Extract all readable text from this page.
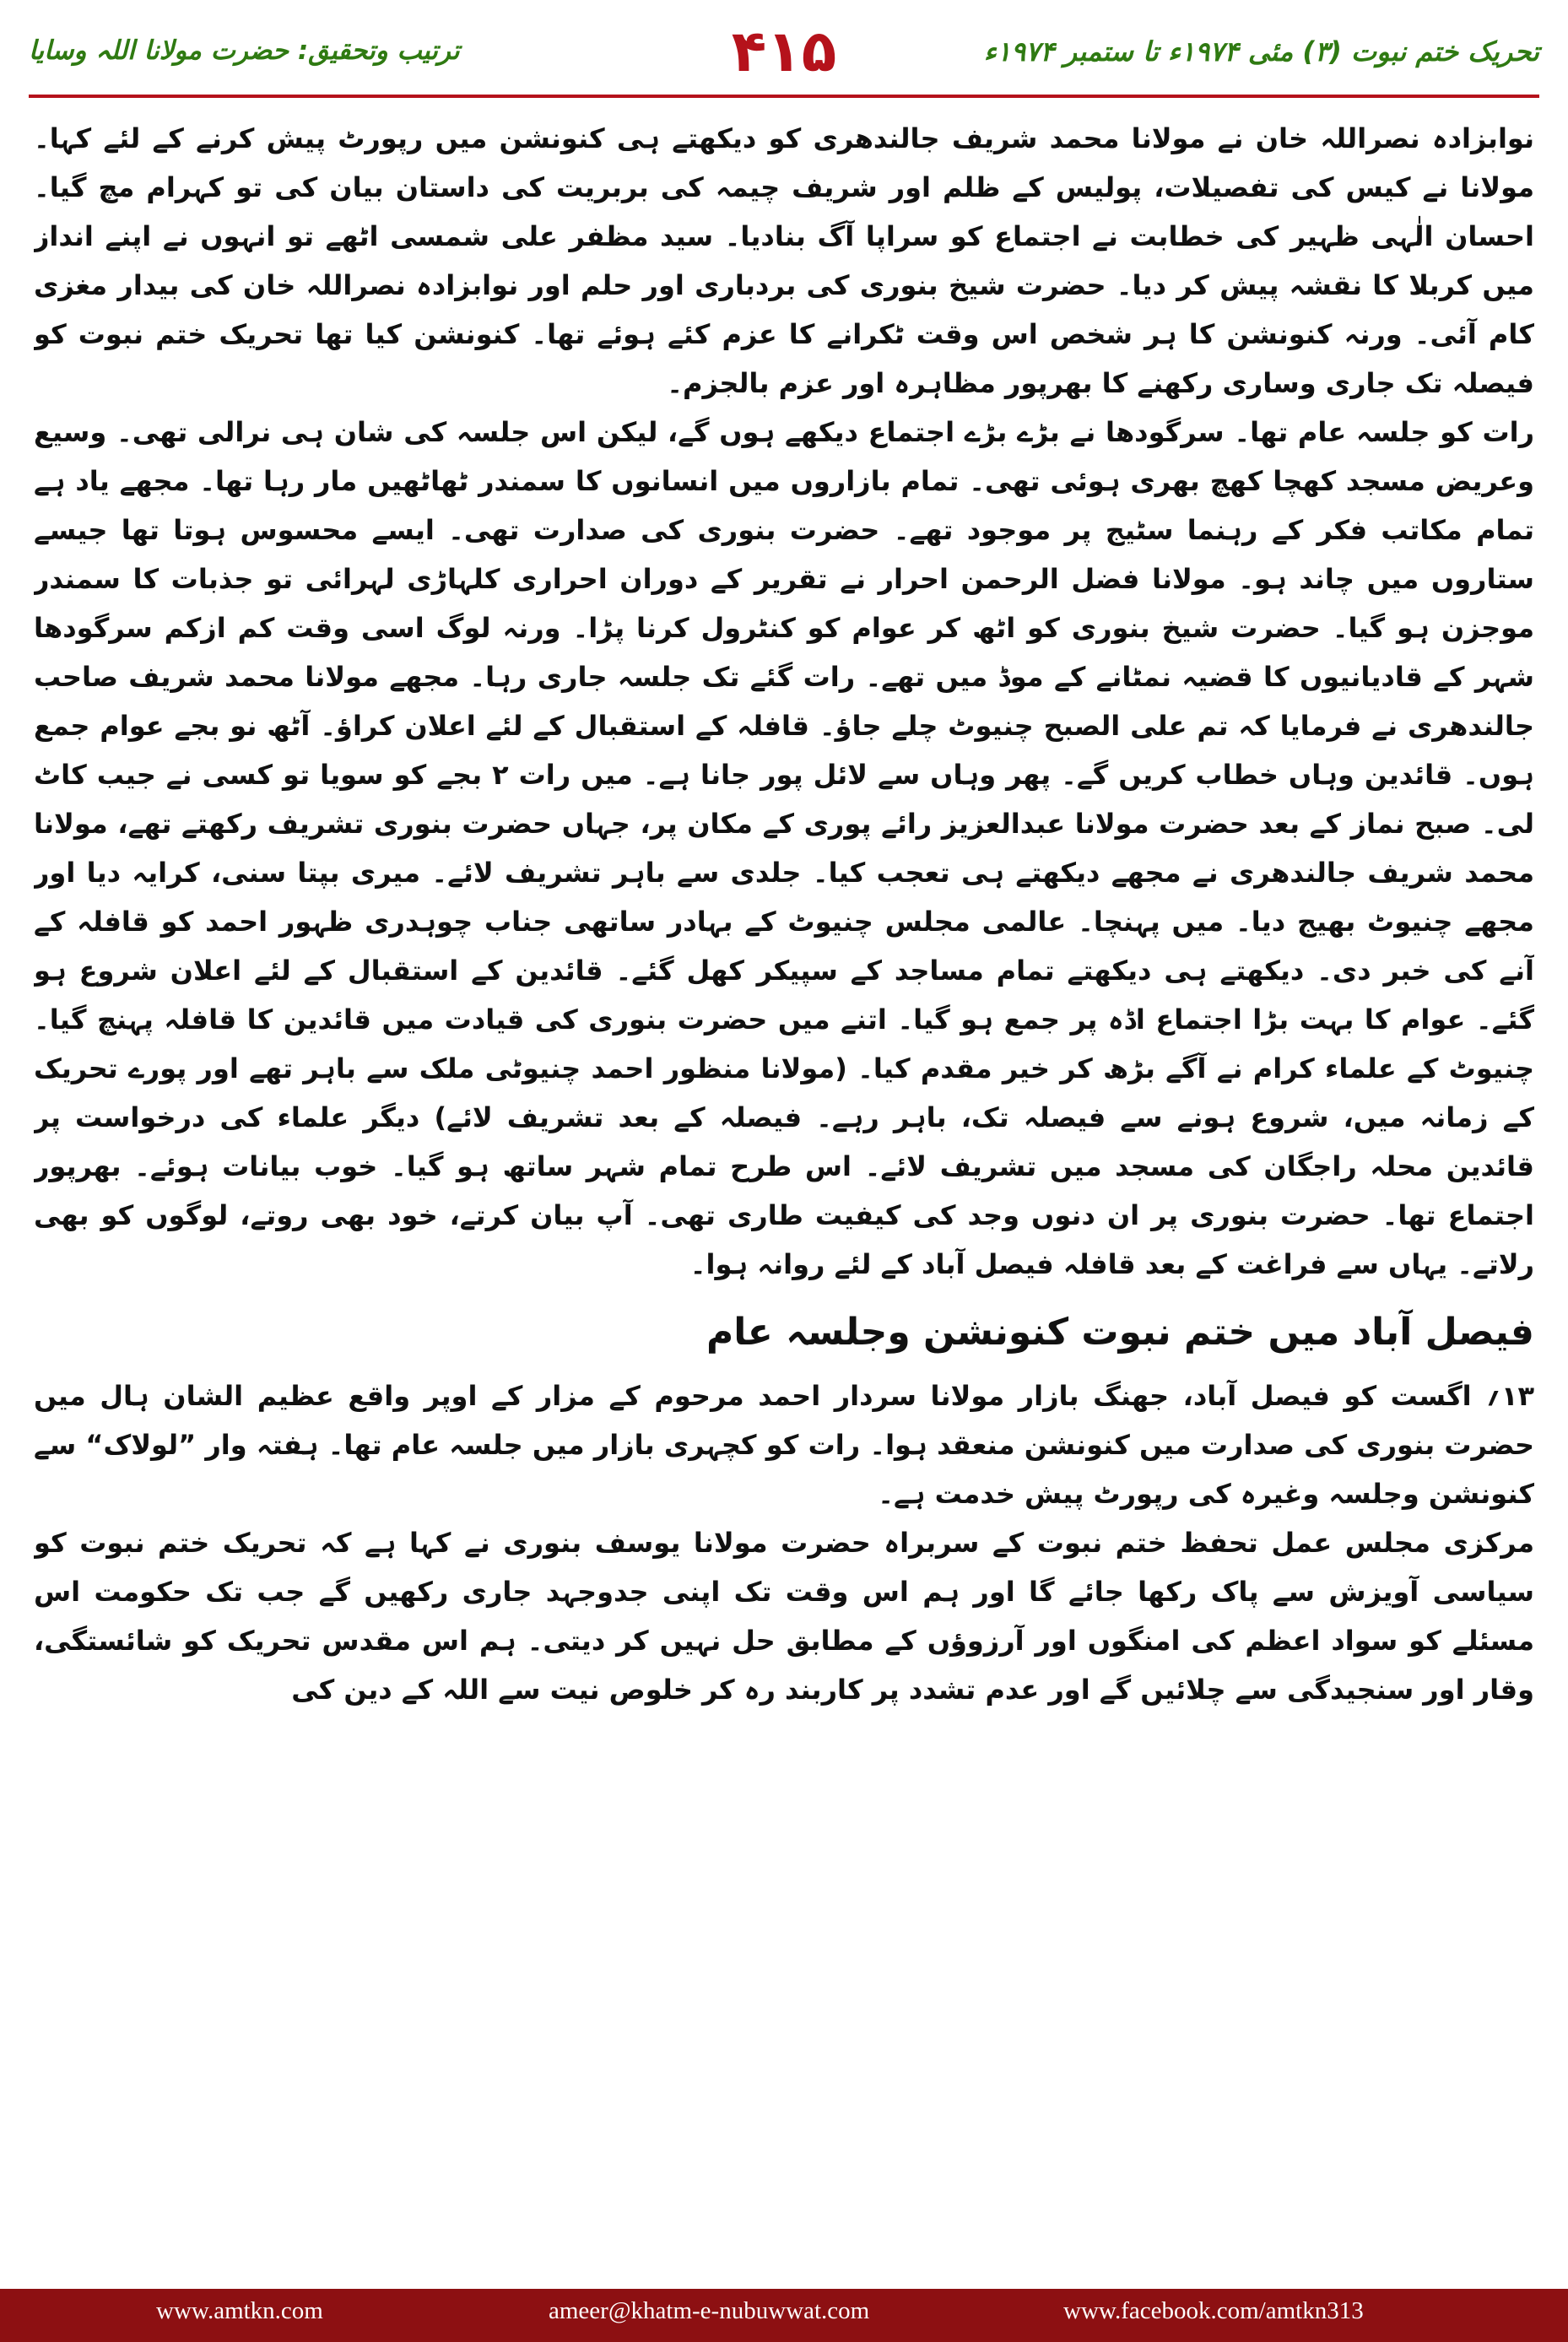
تحریک ختم نبوت (۳) مئی ۱۹۷۴ء تا ستمبر ۱۹۷۴ء
۴۱۵
ترتیب وتحقیق: حضرت مولانا اللہ وسایا

نوابزادہ نصراللہ خان نے مولانا محمد شریف جالندھری کو دیکھتے ہی کنونشن میں رپورٹ پیش کرنے کے لئے کہا۔ مولانا نے کیس کی تفصیلات، پولیس کے ظلم اور شریف چیمہ کی بربریت کی داستان بیان کی تو کہرام مچ گیا۔ احسان الٰہی ظہیر کی خطابت نے اجتماع کو سراپا آگ بنادیا۔ سید مظفر علی شمسی اٹھے تو انہوں نے اپنے انداز میں کربلا کا نقشہ پیش کر دیا۔ حضرت شیخ بنوری کی بردباری اور حلم اور نوابزادہ نصراللہ خان کی بیدار مغزی کام آئی۔ ورنہ کنونشن کا ہر شخص اس وقت ٹکرانے کا عزم کئے ہوئے تھا۔ کنونشن کیا تھا تحریک ختم نبوت کو فیصلہ تک جاری وساری رکھنے کا بھرپور مظاہرہ اور عزم بالجزم۔

رات کو جلسہ عام تھا۔ سرگودھا نے بڑے بڑے اجتماع دیکھے ہوں گے، لیکن اس جلسہ کی شان ہی نرالی تھی۔ وسیع وعریض مسجد کھچا کھچ بھری ہوئی تھی۔ تمام بازاروں میں انسانوں کا سمندر ٹھاٹھیں مار رہا تھا۔ مجھے یاد ہے تمام مکاتب فکر کے رہنما سٹیج پر موجود تھے۔ حضرت بنوری کی صدارت تھی۔ ایسے محسوس ہوتا تھا جیسے ستاروں میں چاند ہو۔ مولانا فضل الرحمن احرار نے تقریر کے دوران احراری کلہاڑی لہرائی تو جذبات کا سمندر موجزن ہو گیا۔ حضرت شیخ بنوری کو اٹھ کر عوام کو کنٹرول کرنا پڑا۔ ورنہ لوگ اسی وقت کم ازکم سرگودھا شہر کے قادیانیوں کا قضیہ نمٹانے کے موڈ میں تھے۔ رات گئے تک جلسہ جاری رہا۔ مجھے مولانا محمد شریف صاحب جالندھری نے فرمایا کہ تم علی الصبح چنیوٹ چلے جاؤ۔ قافلہ کے استقبال کے لئے اعلان کراؤ۔ آٹھ نو بجے عوام جمع ہوں۔ قائدین وہاں خطاب کریں گے۔ پھر وہاں سے لائل پور جانا ہے۔ میں رات ۲ بجے کو سویا تو کسی نے جیب کاٹ لی۔ صبح نماز کے بعد حضرت مولانا عبدالعزیز رائے پوری کے مکان پر، جہاں حضرت بنوری تشریف رکھتے تھے، مولانا محمد شریف جالندھری نے مجھے دیکھتے ہی تعجب کیا۔ جلدی سے باہر تشریف لائے۔ میری بپتا سنی، کرایہ دیا اور مجھے چنیوٹ بھیج دیا۔ میں پہنچا۔ عالمی مجلس چنیوٹ کے بہادر ساتھی جناب چوہدری ظہور احمد کو قافلہ کے آنے کی خبر دی۔ دیکھتے ہی دیکھتے تمام مساجد کے سپیکر کھل گئے۔ قائدین کے استقبال کے لئے اعلان شروع ہو گئے۔ عوام کا بہت بڑا اجتماع اڈہ پر جمع ہو گیا۔ اتنے میں حضرت بنوری کی قیادت میں قائدین کا قافلہ پہنچ گیا۔ چنیوٹ کے علماء کرام نے آگے بڑھ کر خیر مقدم کیا۔ (مولانا منظور احمد چنیوٹی ملک سے باہر تھے اور پورے تحریک کے زمانہ میں، شروع ہونے سے فیصلہ تک، باہر رہے۔ فیصلہ کے بعد تشریف لائے) دیگر علماء کی درخواست پر قائدین محلہ راجگان کی مسجد میں تشریف لائے۔ اس طرح تمام شہر ساتھ ہو گیا۔ خوب بیانات ہوئے۔ بھرپور اجتماع تھا۔ حضرت بنوری پر ان دنوں وجد کی کیفیت طاری تھی۔ آپ بیان کرتے، خود بھی روتے، لوگوں کو بھی رلاتے۔ یہاں سے فراغت کے بعد قافلہ فیصل آباد کے لئے روانہ ہوا۔

فیصل آباد میں ختم نبوت کنونشن وجلسہ عام

۱۳؍ اگست کو فیصل آباد، جھنگ بازار مولانا سردار احمد مرحوم کے مزار کے اوپر واقع عظیم الشان ہال میں حضرت بنوری کی صدارت میں کنونشن منعقد ہوا۔ رات کو کچہری بازار میں جلسہ عام تھا۔ ہفتہ وار ”لولاک“ سے کنونشن وجلسہ وغیرہ کی رپورٹ پیش خدمت ہے۔

مرکزی مجلس عمل تحفظ ختم نبوت کے سربراہ حضرت مولانا یوسف بنوری نے کہا ہے کہ تحریک ختم نبوت کو سیاسی آویزش سے پاک رکھا جائے گا اور ہم اس وقت تک اپنی جدوجہد جاری رکھیں گے جب تک حکومت اس مسئلے کو سواد اعظم کی امنگوں اور آرزوؤں کے مطابق حل نہیں کر دیتی۔ ہم اس مقدس تحریک کو شائستگی، وقار اور سنجیدگی سے چلائیں گے اور عدم تشدد پر کاربند رہ کر خلوص نیت سے اللہ کے دین کی

www.amtkn.com	ameer@khatm-e-nubuwwat.com	www.facebook.com/amtkn313
